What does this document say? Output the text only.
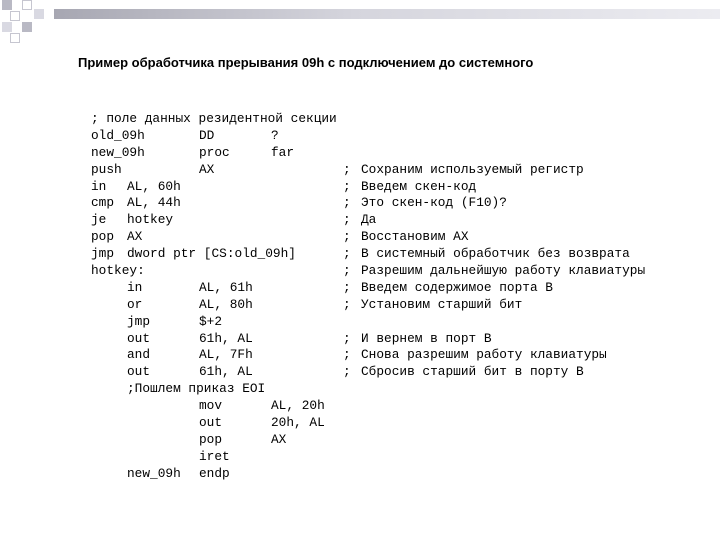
Пример обработчика прерывания 09h с подключением до системного
; поле данных резидентной секции
old_09h	DD	?
new_09h	proc	far
push	AX	; Сохраним используемый регистр
in AL, 60h	; Введем скен-код
cmp AL, 44h	; Это скен-код (F10)?
je hotkey	; Да
pop AX	; Восстановим AX
jmp dword ptr [CS:old_09h]	; В системный обработчик без возврата
hotkey:	; Разрешим дальнейшую работу клавиатуры
in	AL, 61h	; Введем содержимое порта B
or	AL, 80h	; Установим старший бит
jmp	$+2
out	61h, AL	; И вернем в порт B
and	AL, 7Fh	; Снова разрешим работу клавиатуры
out	61h, AL	; Сбросив старший бит в порту B
;Пошлем приказ EOI
mov	AL, 20h
out	20h, AL
pop	AX
iret
new_09h endp
